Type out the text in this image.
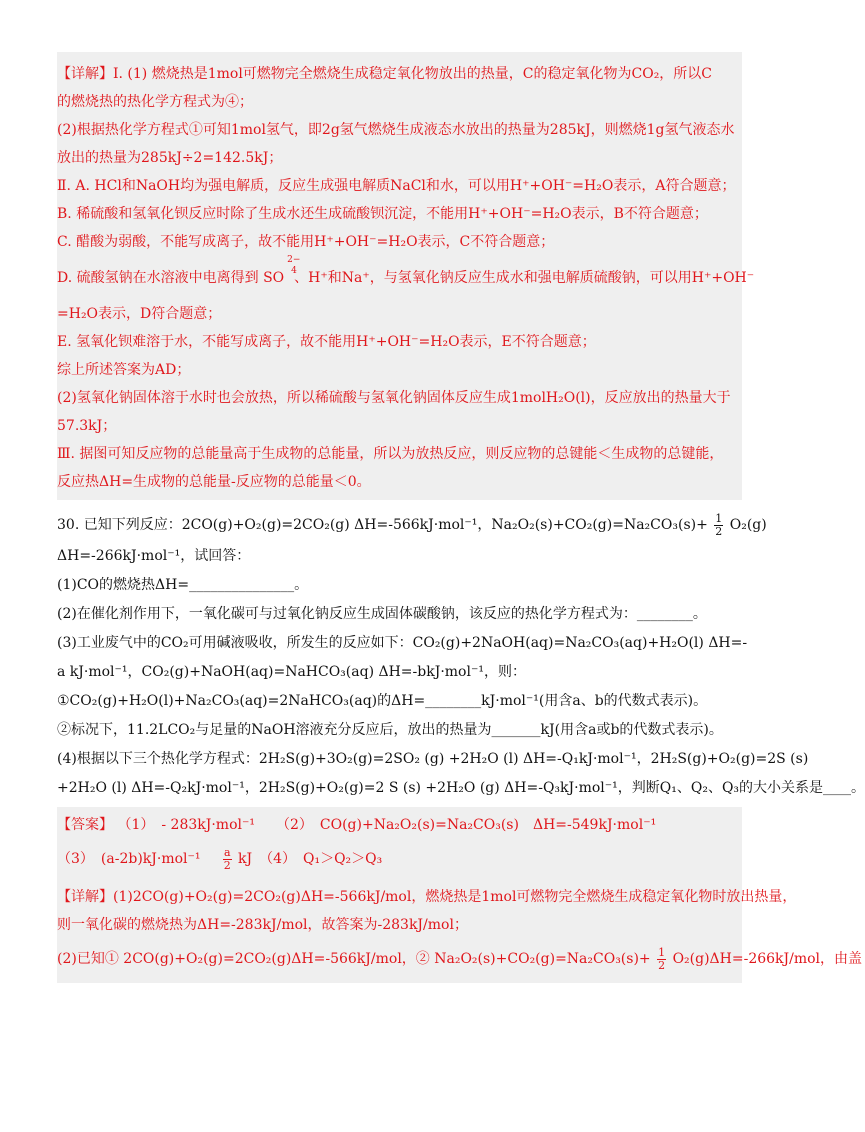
【详解】Ⅰ. (1) 燃烧热是1mol可燃物完全燃烧生成稳定氧化物放出的热量，C的稳定氧化物为CO₂，所以C

的燃烧热的热化学方程式为④；

(2)根据热化学方程式①可知1mol氢气，即2g氢气燃烧生成液态水放出的热量为285kJ，则燃烧1g氢气液态水

放出的热量为285kJ÷2=142.5kJ；

Ⅱ. A. HCl和NaOH均为强电解质，反应生成强电解质NaCl和水，可以用H⁺+OH⁻=H₂O表示，A符合题意；

B. 稀硫酸和氢氧化钡反应时除了生成水还生成硫酸钡沉淀，不能用H⁺+OH⁻=H₂O表示，B不符合题意；

C. 醋酸为弱酸，不能写成离子，故不能用H⁺+OH⁻=H₂O表示，C不符合题意；

D. 硫酸氢钠在水溶液中电离得到 SO
2−
4
、H⁺和Na⁺，与氢氧化钠反应生成水和强电解质硫酸钠，可以用H⁺+OH⁻

=H₂O表示，D符合题意；

E. 氢氧化钡难溶于水，不能写成离子，故不能用H⁺+OH⁻=H₂O表示，E不符合题意；

综上所述答案为AD；

(2)氢氧化钠固体溶于水时也会放热，所以稀硫酸与氢氧化钠固体反应生成1molH₂O(l)，反应放出的热量大于

57.3kJ；

Ⅲ. 据图可知反应物的总能量高于生成物的总能量，所以为放热反应，则反应物的总键能＜生成物的总键能，

反应热ΔH=生成物的总能量-反应物的总能量＜0。

30. 已知下列反应：2CO(g)+O₂(g)=2CO₂(g) ΔH=-566kJ·mol⁻¹，$Na_2O_2(s)+CO_2(g)=Na_2CO_3(s)+ \frac{1}{2} O_2(g)$

ΔH=-266kJ·mol⁻¹，试回答：

(1)CO的燃烧热ΔH=_______________。

(2)在催化剂作用下，一氧化碳可与过氧化钠反应生成固体碳酸钠，该反应的热化学方程式为：________。

(3)工业废气中的CO₂可用碱液吸收，所发生的反应如下：CO₂(g)+2NaOH(aq)=Na₂CO₃(aq)+H₂O(l) ΔH=-

a kJ·mol⁻¹，CO₂(g)+NaOH(aq)=NaHCO₃(aq) ΔH=-bkJ·mol⁻¹，则：

①CO₂(g)+H₂O(l)+Na₂CO₃(aq)=2NaHCO₃(aq)的ΔH=________kJ·mol⁻¹(用含a、b的代数式表示)。

②标况下，11.2LCO₂与足量的NaOH溶液充分反应后，放出的热量为_______kJ(用含a或b的代数式表示)。

(4)根据以下三个热化学方程式：2H₂S(g)+3O₂(g)=2SO₂ (g) +2H₂O (l) ΔH=-Q₁kJ·mol⁻¹，2H₂S(g)+O₂(g)=2S (s)

+2H₂O (l) ΔH=-Q₂kJ·mol⁻¹，2H₂S(g)+O₂(g)=2 S (s) +2H₂O (g) ΔH=-Q₃kJ·mol⁻¹，判断Q₁、Q₂、Q₃的大小关系是____。

【答案】 （1）　- 283kJ·mol⁻¹　　（2）　CO(g)+Na₂O₂(s)=Na₂CO₃(s)　ΔH=-549kJ·mol⁻¹

（3）　$(a-2b)kJ\cdot mol^{-1} \frac{a}{2}$ kJ　（4）　Q₁＞Q₂＞Q₃

【详解】(1)2CO(g)+O₂(g)=2CO₂(g)ΔH=-566kJ/mol，燃烧热是1mol可燃物完全燃烧生成稳定氧化物时放出热量，

则一氧化碳的燃烧热为ΔH=-283kJ/mol，故答案为-283kJ/mol；

(2)已知① 2CO(g)+O₂(g)=2CO₂(g)ΔH=-566kJ/mol，② $Na_2O_2(s)+CO_2(g)=Na_2CO_3(s)+ \frac{1}{2} O_2(g)\Delta H=-266kJ/mol$，由盖
